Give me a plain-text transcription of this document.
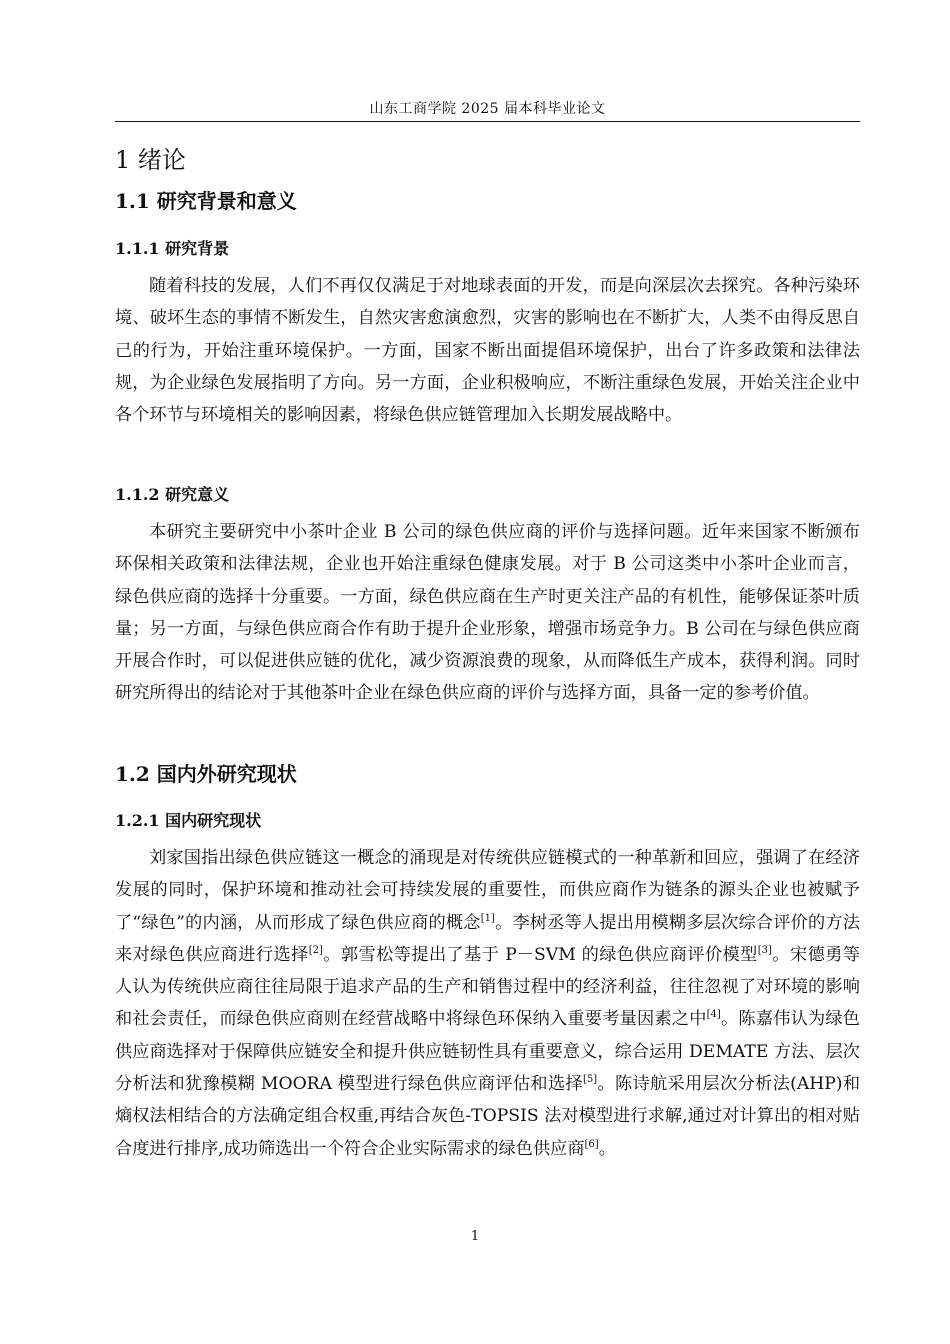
山东工商学院 2025 届本科毕业论文
1 绪论
1.1 研究背景和意义
1.1.1 研究背景

随着科技的发展，人们不再仅仅满足于对地球表面的开发，而是向深层次去探究。各种污染环境、破坏生态的事情不断发生，自然灾害愈演愈烈，灾害的影响也在不断扩大，人类不由得反思自己的行为，开始注重环境保护。一方面，国家不断出面提倡环境保护，出台了许多政策和法律法规，为企业绿色发展指明了方向。另一方面，企业积极响应，不断注重绿色发展，开始关注企业中各个环节与环境相关的影响因素，将绿色供应链管理加入长期发展战略中。

1.1.2 研究意义

本研究主要研究中小茶叶企业 B 公司的绿色供应商的评价与选择问题。近年来国家不断颁布环保相关政策和法律法规，企业也开始注重绿色健康发展。对于 B 公司这类中小茶叶企业而言，绿色供应商的选择十分重要。一方面，绿色供应商在生产时更关注产品的有机性，能够保证茶叶质量；另一方面，与绿色供应商合作有助于提升企业形象，增强市场竞争力。B 公司在与绿色供应商开展合作时，可以促进供应链的优化，减少资源浪费的现象，从而降低生产成本，获得利润。同时研究所得出的结论对于其他茶叶企业在绿色供应商的评价与选择方面，具备一定的参考价值。

1.2 国内外研究现状
1.2.1 国内研究现状

刘家国指出绿色供应链这一概念的涌现是对传统供应链模式的一种革新和回应，强调了在经济发展的同时，保护环境和推动社会可持续发展的重要性，而供应商作为链条的源头企业也被赋予了“绿色”的内涵，从而形成了绿色供应商的概念[1]。李树丞等人提出用模糊多层次综合评价的方法来对绿色供应商进行选择[2]。郭雪松等提出了基于 P－SVM 的绿色供应商评价模型[3]。宋德勇等人认为传统供应商往往局限于追求产品的生产和销售过程中的经济利益，往往忽视了对环境的影响和社会责任，而绿色供应商则在经营战略中将绿色环保纳入重要考量因素之中[4]。陈嘉伟认为绿色供应商选择对于保障供应链安全和提升供应链韧性具有重要意义，综合运用 DEMATE 方法、层次分析法和犹豫模糊 MOORA 模型进行绿色供应商评估和选择[5]。陈诗航采用层次分析法(AHP)和熵权法相结合的方法确定组合权重,再结合灰色-TOPSIS 法对模型进行求解,通过对计算出的相对贴合度进行排序,成功筛选出一个符合企业实际需求的绿色供应商[6]。

1
